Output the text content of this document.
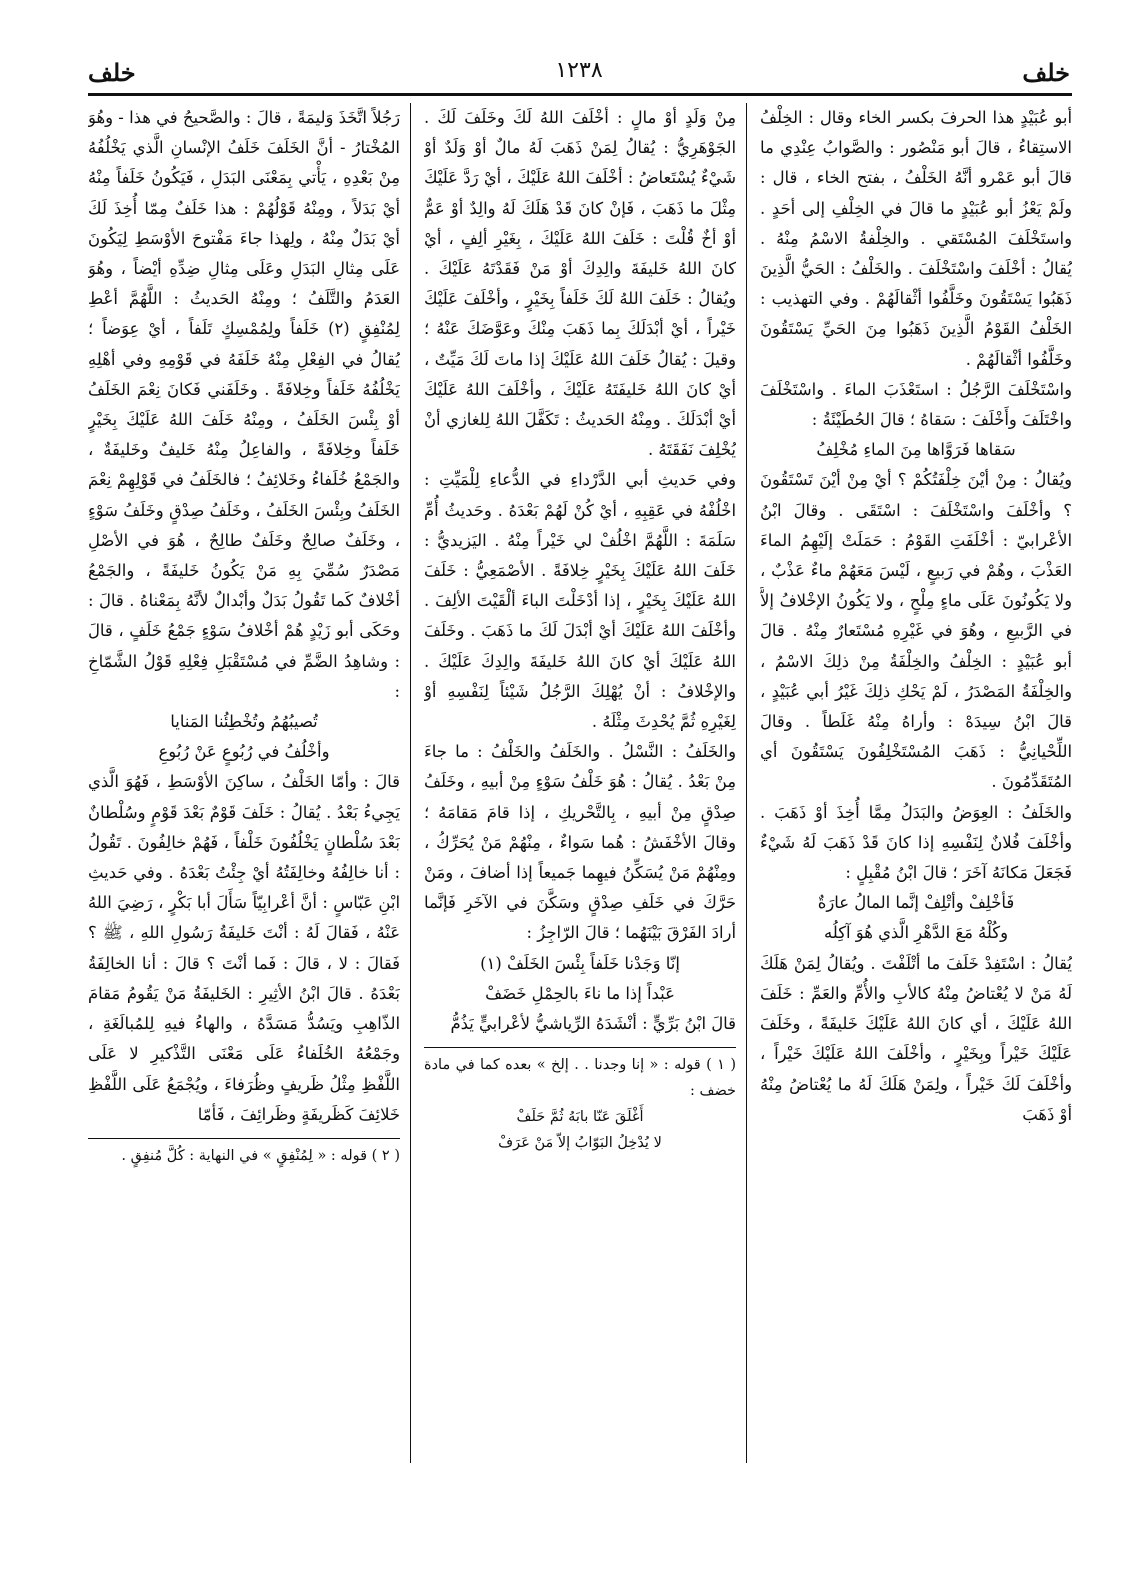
خلف
١٢٣٨
خلف

أبو عُبَيْدٍ هذا الحرفَ بكسر الخاء وقال : الخِلْفُ الاستِقاءُ ، قالَ أبو مَنْصُور : والصَّوابُ عِنْدِي ما قالَ أبو عَمْرو أنَّهُ الخَلْفُ ، بفتح الخاء ، قال : ولَمْ يَعْزُ أبو عُبَيْدٍ ما قالَ في الخِلْفِ إلى أحَدٍ . واستَخْلَفَ المُسْتَقي . والخِلْفةُ الاسْمُ مِنْهُ . يُقالُ : أخْلَفَ واسْتَخْلَفَ . والخَلْفُ : الحَيُّ الَّذِينَ ذَهَبُوا يَسْتَقُونَ وخَلَّفُوا أثْقالَهُمْ . وفي التهذيب : الخَلْفُ القَوْمُ الَّذِينَ ذَهَبُوا مِنَ الحَيِّ يَسْتَقُونَ وخَلَّفُوا أثْقالَهُمْ .

واسْتَخْلَفَ الرَّجُلُ : استَعْذَبَ الماءَ . واسْتَخْلَفَ واخْتَلَفَ وأَخْلَفَ : سَقاهُ ؛ قالَ الحُطَيْئَةُ :

سَقاها فَرَوَّاها مِنَ الماءِ مُخْلِفُ

ويُقالُ : مِنْ أيْنَ خِلْفَتُكُمْ ؟ أيْ مِنْ أيْنَ تَسْتَقُونَ ؟ وأخْلَفَ واسْتَخْلَفَ : اسْتَقَى . وقالَ ابْنُ الأعْرابيّ : أخْلَفَتِ القَوْمُ : حَمَلَتْ إلَيْهِمُ الماءَ العَذْبَ ، وهُمْ في رَبيعٍ ، لَيْسَ مَعَهُمْ ماءٌ عَذْبٌ ، ولا يَكُونُونَ عَلَى ماءٍ مِلْحٍ ، ولا يَكُونُ الإخْلافُ إلاَّ في الرَّبيعِ ، وهُوَ في غَيْرِهِ مُسْتَعارٌ مِنْهُ . قالَ أبو عُبَيْدٍ : الخِلْفُ والخِلْفَةُ مِنْ ذلِكَ الاسْمُ ، والخِلْفَةُ المَصْدَرُ ، لَمْ يَحْكِ ذلِكَ غَيْرُ أبي عُبَيْدٍ ، قالَ ابْنُ سِيدَهْ : وأراهُ مِنْهُ غَلَطاً . وقالَ اللِّحْيانِيُّ : ذَهَبَ المُسْتَخْلِفُونَ يَسْتَقُونَ أي المُتَقَدِّمُونَ .

والخَلَفُ : العِوَضُ والبَدَلُ مِمَّا أُخِذَ أوْ ذَهَبَ . وأخْلَفَ فُلانٌ لِنَفْسِهِ إذا كانَ قَدْ ذَهَبَ لَهُ شَيْءٌ فَجَعَلَ مَكانَهُ آخَرَ ؛ قالَ ابْنُ مُقْبِلٍ :

فَأخْلِفْ وأتْلِفْ إنَّما المالُ عارَةٌ

وكُلْهُ مَعَ الدَّهْرِ الَّذي هُوَ آكِلُه

يُقالُ : اسْتَفِدْ خَلَفَ ما أتْلَفْتَ . ويُقالُ لِمَنْ هَلَكَ لَهُ مَنْ لا يُعْتاضُ مِنْهُ كالأبِ والأُمِّ والعَمِّ : خَلَفَ اللهُ عَلَيْكَ ، أي كانَ اللهُ عَلَيْكَ خَليفَةً ، وخَلَفَ عَلَيْكَ خَيْراً وبِخَيْرٍ ، وأخْلَفَ اللهُ عَلَيْكَ خَيْراً ، وأخْلَفَ لَكَ خَيْراً ، ولِمَنْ هَلَكَ لَهُ ما يُعْتاضُ مِنْهُ أوْ ذَهَبَ

مِنْ وَلَدٍ أوْ مالٍ : أخْلَفَ اللهُ لَكَ وخَلَفَ لَكَ . الجَوْهَرِيُّ : يُقالُ لِمَنْ ذَهَبَ لَهُ مالٌ أوْ وَلَدٌ أوْ شَيْءٌ يُسْتَعاضُ : أخْلَفَ اللهُ عَلَيْكَ ، أيْ رَدَّ عَلَيْكَ مِثْلَ ما ذَهَبَ ، فَإنْ كانَ قَدْ هَلَكَ لَهُ والِدٌ أوْ عَمٌّ أوْ أخٌ قُلْتَ : خَلَفَ اللهُ عَلَيْكَ ، بِغَيْرِ ألِفٍ ، أيْ كانَ اللهُ خَليفَةَ والِدِكَ أوْ مَنْ فَقَدْتَهُ عَلَيْكَ . ويُقالُ : خَلَفَ اللهُ لَكَ خَلَفاً بِخَيْرٍ ، وأخْلَفَ عَلَيْكَ خَيْراً ، أيْ أبْدَلَكَ بِما ذَهَبَ مِنْكَ وعَوَّضَكَ عَنْهُ ؛ وقيلَ : يُقالُ خَلَفَ اللهُ عَلَيْكَ إذا ماتَ لَكَ مَيِّتٌ ، أيْ كانَ اللهُ خَليفَتَهُ عَلَيْكَ ، وأخْلَفَ اللهُ عَلَيْكَ أيْ أبْدَلَكَ . ومِنْهُ الحَديثُ : تَكَفَّلَ اللهُ لِلغازي أنْ يُخْلِفَ نَفَقَتَهُ .

وفي حَديثِ أبي الدَّرْداءِ في الدُّعاءِ لِلْمَيِّتِ : اخْلُفْهُ في عَقِبِهِ ، أيْ كُنْ لَهُمْ بَعْدَهُ . وحَديثُ أُمِّ سَلَمَةَ : اللَّهُمَّ اخْلُفْ لي خَيْراً مِنْهُ . اليَزيديُّ : خَلَفَ اللهُ عَلَيْكَ بِخَيْرٍ خِلافَةً . الأصْمَعِيُّ : خَلَفَ اللهُ عَلَيْكَ بِخَيْرٍ ، إذا أدْخَلْتَ الباءَ ألْقَيْتَ الألِفَ . وأخْلَفَ اللهُ عَلَيْكَ أيْ أبْدَلَ لَكَ ما ذَهَبَ . وخَلَفَ اللهُ عَلَيْكَ أيْ كانَ اللهُ خَليفَةَ والِدِكَ عَلَيْكَ . والإخْلافُ : أنْ يُهْلِكَ الرَّجُلُ شَيْئاً لِنَفْسِهِ أوْ لِغَيْرِهِ ثُمَّ يُحْدِثَ مِثْلَهُ .

والخَلَفُ : النَّسْلُ . والخَلَفُ والخَلْفُ : ما جاءَ مِنْ بَعْدُ . يُقالُ : هُوَ خَلْفُ سَوْءٍ مِنْ أبيهِ ، وخَلَفُ صِدْقٍ مِنْ أبيهِ ، بِالتَّحْريكِ ، إذا قامَ مَقامَهُ ؛ وقالَ الأخْفَشُ : هُما سَواءٌ ، مِنْهُمْ مَنْ يُحَرِّكُ ، ومِنْهُمْ مَنْ يُسَكِّنُ فيهِما جَميعاً إذا أضافَ ، ومَنْ حَرَّكَ في خَلَفِ صِدْقٍ وسَكَّنَ في الآخَرِ فَإنَّما أرادَ الفَرْقَ بَيْنَهُما ؛ قالَ الرّاجِزُ :

إنّا وَجَدْنا خَلَفاً بِئْسَ الخَلَفْ (١)

عَبْداً إذا ما ناءَ بالحِمْلِ خَضَفْ

قالَ ابْنُ بَرِّيٍّ : أنْشَدَهُ الرِّياشيُّ لأعْرابيٍّ يَذُمُّ

( ١ ) قوله : « إنا وجدنا . . إلخ » بعده كما في مادة خضف :

أَغْلَقَ عَنّا بابَهُ ثُمَّ حَلَفْ

لا يُدْخِلُ البَوّابُ إلاّ مَنْ عَرَفْ

رَجُلاً اتَّخَذَ وَليمَةً ، قالَ : والصَّحيحُ في هذا - وهُوَ المُخْتارُ - أنَّ الخَلَفَ خَلَفُ الإنْسانِ الَّذي يَخْلُفُهُ مِنْ بَعْدِهِ ، يَأْتي بِمَعْنَى البَدَلِ ، فَيَكُونُ خَلَفاً مِنْهُ أيْ بَدَلاً ، ومِنْهُ قَوْلُهُمْ : هذا خَلَفٌ مِمّا أُخِذَ لَكَ أيْ بَدَلٌ مِنْهُ ، ولِهذا جاءَ مَفْتوحَ الأوْسَطِ لِيَكُونَ عَلَى مِثالِ البَدَلِ وعَلَى مِثالِ ضِدِّهِ أيْضاً ، وهُوَ العَدَمُ والتَّلَفُ ؛ ومِنْهُ الحَديثُ : اللَّهُمَّ أعْطِ لِمُنْفِقٍ (٢) خَلَفاً ولِمُمْسِكٍ تَلَفاً ، أيْ عِوَضاً ؛ يُقالُ في الفِعْلِ مِنْهُ خَلَفَهُ في قَوْمِهِ وفي أهْلِهِ يَخْلُفُهُ خَلَفاً وخِلافَةً . وخَلَفَني فَكانَ نِعْمَ الخَلَفُ أوْ بِئْسَ الخَلَفُ ، ومِنْهُ خَلَفَ اللهُ عَلَيْكَ بِخَيْرٍ خَلَفاً وخِلافَةً ، والفاعِلُ مِنْهُ خَليفٌ وخَليفَةٌ ، والجَمْعُ خُلَفاءُ وخَلائِفُ ؛ فالخَلَفُ في قَوْلِهِمْ نِعْمَ الخَلَفُ وبِئْسَ الخَلَفُ ، وخَلَفُ صِدْقٍ وخَلَفُ سَوْءٍ ، وخَلَفٌ صالِحٌ وخَلَفٌ طالِحٌ ، هُوَ في الأصْلِ مَصْدَرٌ سُمِّيَ بِهِ مَنْ يَكُونُ خَليفَةً ، والجَمْعُ أخْلافٌ كَما تَقُولُ بَدَلٌ وأبْدالٌ لأنَّهُ بِمَعْناهُ . قالَ : وحَكَى أبو زَيْدٍ هُمْ أخْلافُ سَوْءٍ جَمْعُ خَلَفٍ ، قالَ : وشاهِدُ الضَّمِّ في مُسْتَقْبَلِ فِعْلِهِ قَوْلُ الشَّمّاخِ :

تُصيبُهُمُ وتُخْطِئُنا المَنايا

وأخْلُفُ في رُبُوعٍ عَنْ رُبُوعِ

قالَ : وأمّا الخَلْفُ ، ساكِنَ الأوْسَطِ ، فَهُوَ الَّذي يَجِيءُ بَعْدُ . يُقالُ : خَلَفَ قَوْمٌ بَعْدَ قَوْمٍ وسُلْطانٌ بَعْدَ سُلْطانٍ يَخْلُفُونَ خَلْفاً ، فَهُمْ خالِفُونَ . تَقُولُ : أنا خالِفُهُ وخالِفَتُهُ أيْ جِئْتُ بَعْدَهُ . وفي حَديثِ ابْنِ عَبّاسٍ : أنَّ أعْرابِيّاً سَأَلَ أبا بَكْرٍ ، رَضِيَ اللهُ عَنْهُ ، فَقالَ لَهُ : أنْتَ خَليفَةُ رَسُولِ اللهِ ، ﷺ ؟ فَقالَ : لا ، قالَ : فَما أنْتَ ؟ قالَ : أنا الخالِفَةُ بَعْدَهُ . قالَ ابْنُ الأثِيرِ : الخَليفَةُ مَنْ يَقُومُ مَقامَ الذّاهِبِ ويَسُدُّ مَسَدَّهُ ، والهاءُ فيهِ لِلمُبالَغَةِ ، وجَمْعُهُ الخُلَفاءُ عَلَى مَعْنَى التَّذْكيرِ لا عَلَى اللَّفْظِ مِثْلُ ظَريفٍ وظُرَفاءَ ، ويُجْمَعُ عَلَى اللَّفْظِ خَلائِفَ كَظَريفَةٍ وظَرائِفَ ، فَأمّا

( ٢ ) قوله : « لِمُنْفِقٍ » في النهاية : كُلَّ مُنفِقٍ .
